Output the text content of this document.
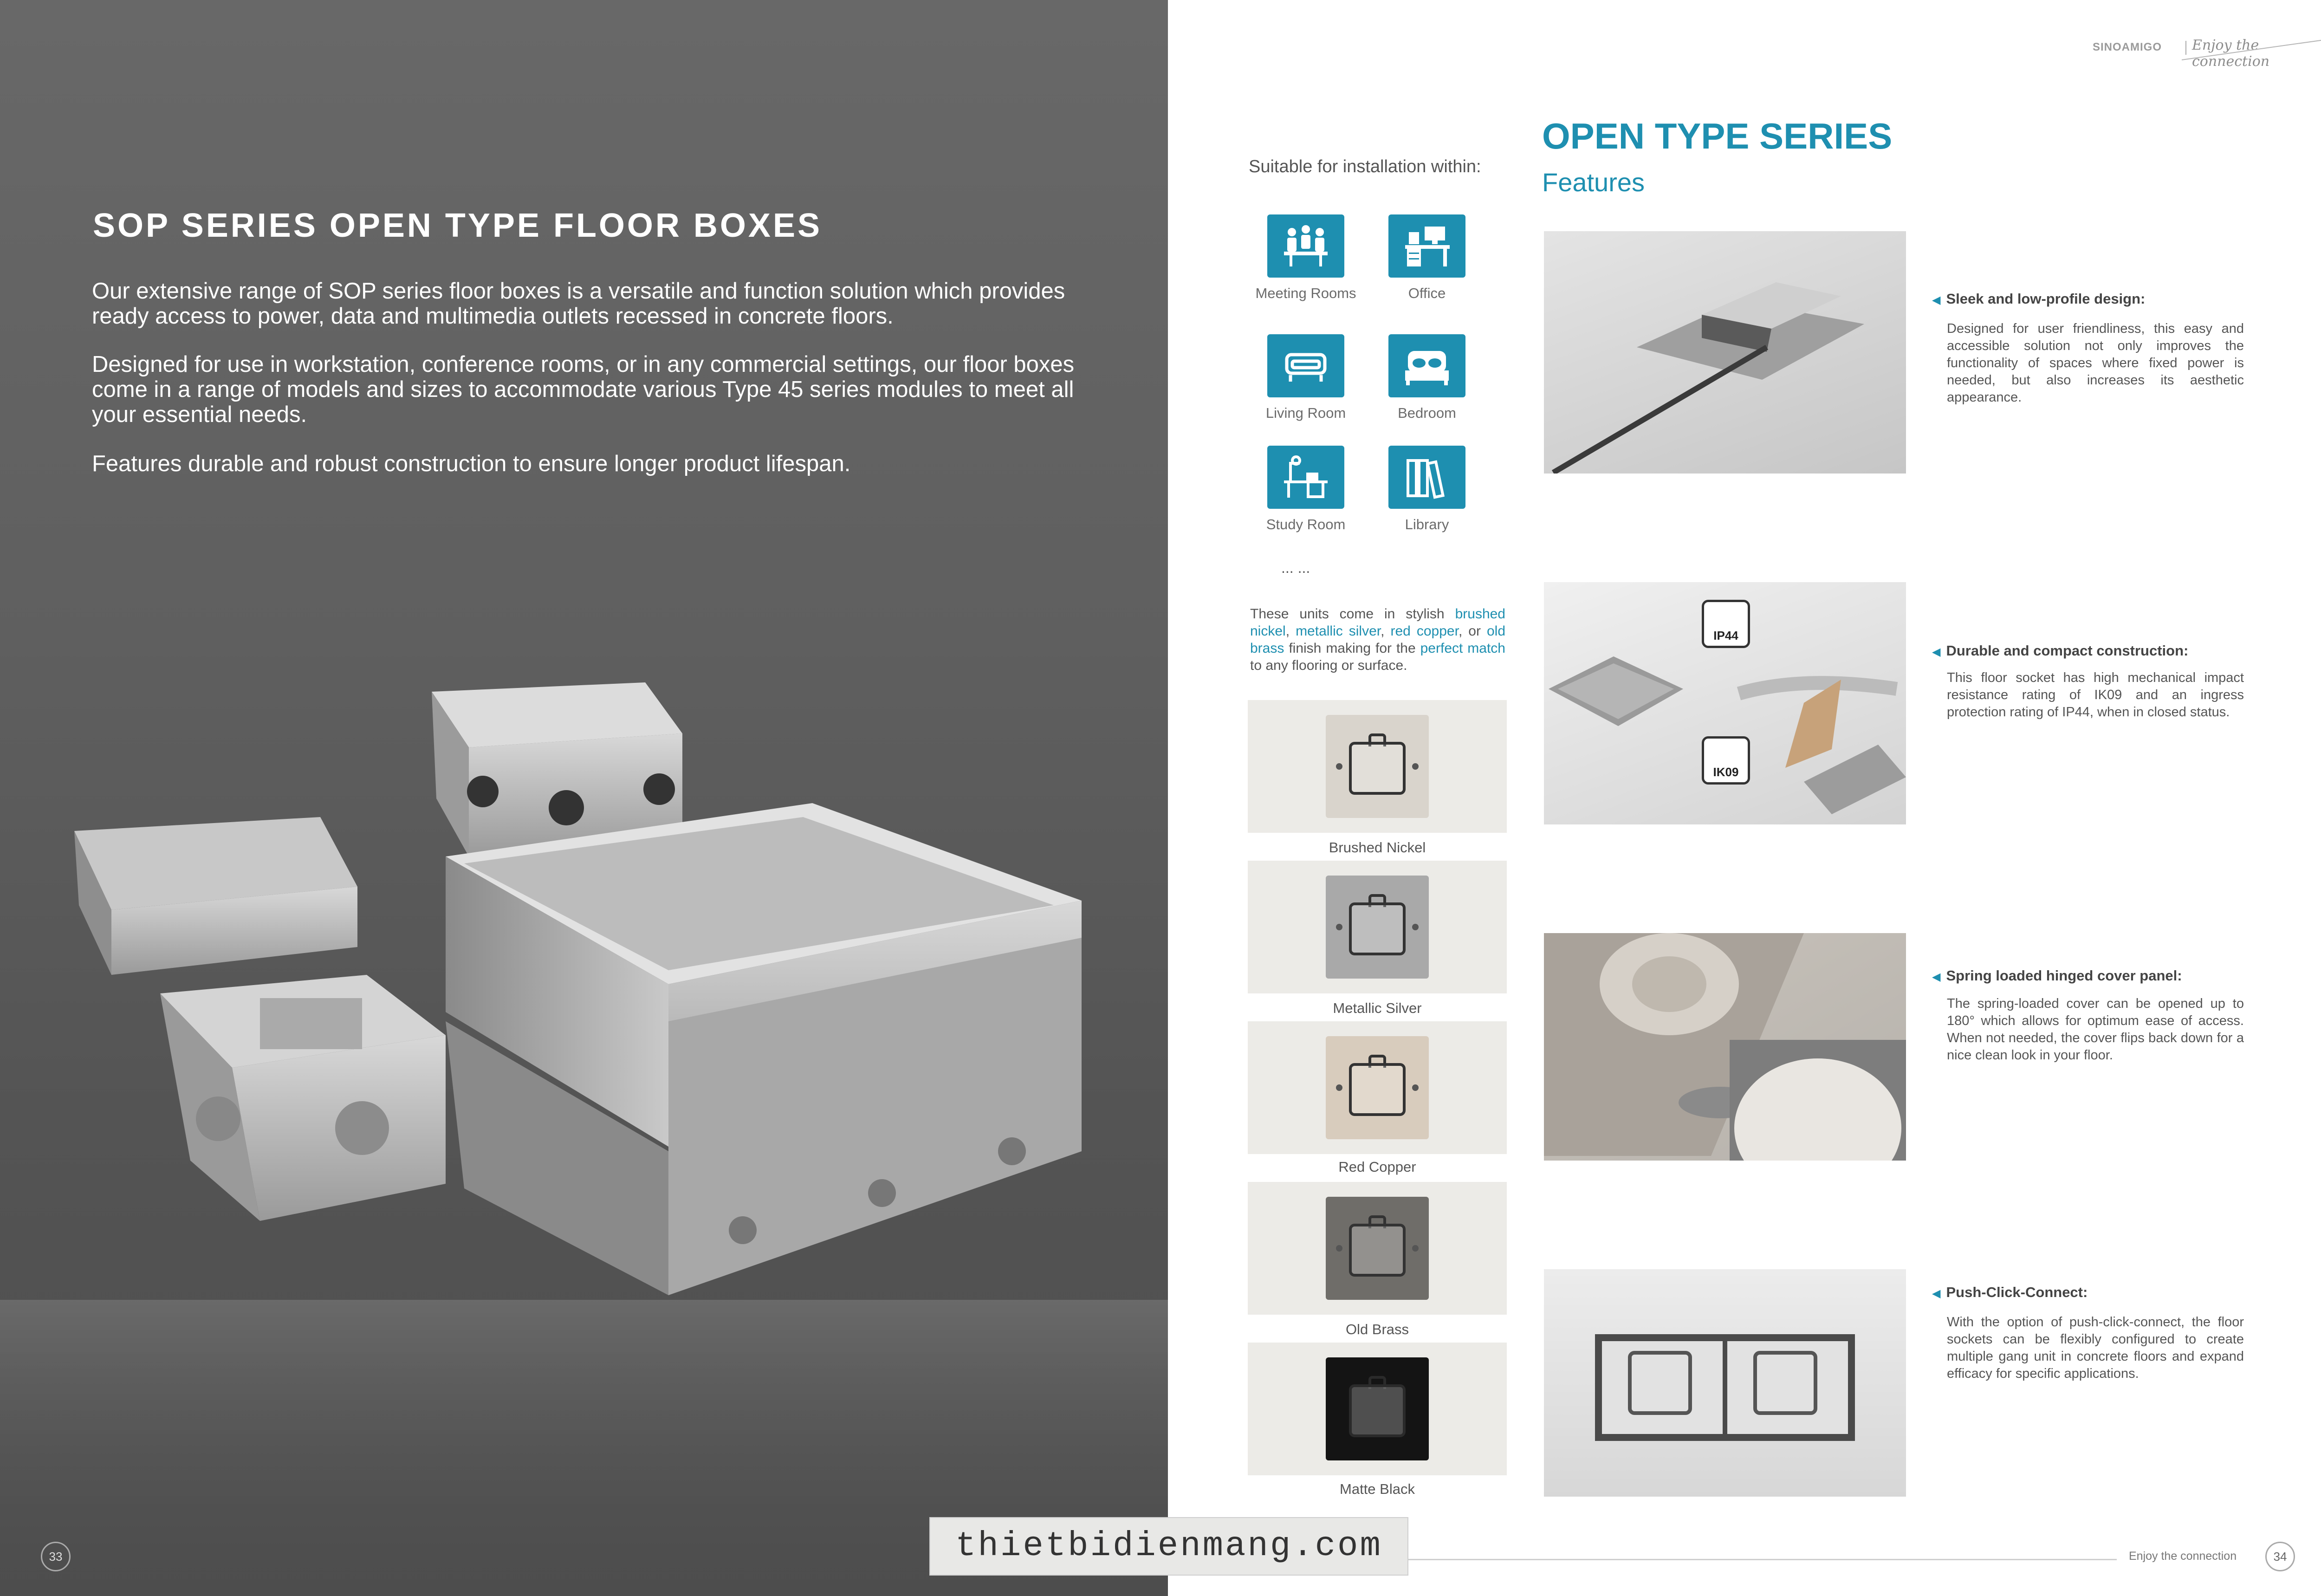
SOP SERIES OPEN TYPE FLOOR BOXES

Our extensive range of SOP series floor boxes is a versatile and function solution which provides ready access to power, data and multimedia outlets recessed in concrete floors.

Designed for use in workstation, conference rooms, or in any commercial settings, our floor boxes come in a range of models and sizes to accommodate various Type 45 series modules to meet all your essential needs.

Features durable and robust construction to ensure longer product lifespan.

33
SINOAMIGO Enjoy the connection
Suitable for installation within:
Meeting Rooms	Office
Living Room	Bedroom
Study Room	Library
... ...

These units come in stylish brushed nickel, metallic silver, red copper, or old brass finish making for the perfect match to any flooring or surface.

Brushed Nickel
Metallic Silver
Red Copper
Old Brass
Matte Black
OPEN TYPE SERIES
Features
◀ Sleek and low-profile design:
Designed for user friendliness, this easy and accessible solution not only improves the functionality of spaces where fixed power is needed, but also increases its aesthetic appearance.
IP44
IK09
◀ Durable and compact construction:
This floor socket has high mechanical impact resistance rating of IK09 and an ingress protection rating of IP44, when in closed status.
◀ Spring loaded hinged cover panel:
The spring-loaded cover can be opened up to 180° which allows for optimum ease of access. When not needed, the cover flips back down for a nice clean look in your floor.
◀ Push-Click-Connect:
With the option of push-click-connect, the floor sockets can be flexibly configured to create multiple gang unit in concrete floors and expand efficacy for specific applications.
Enjoy the connection	34
thietbidienmang.com
